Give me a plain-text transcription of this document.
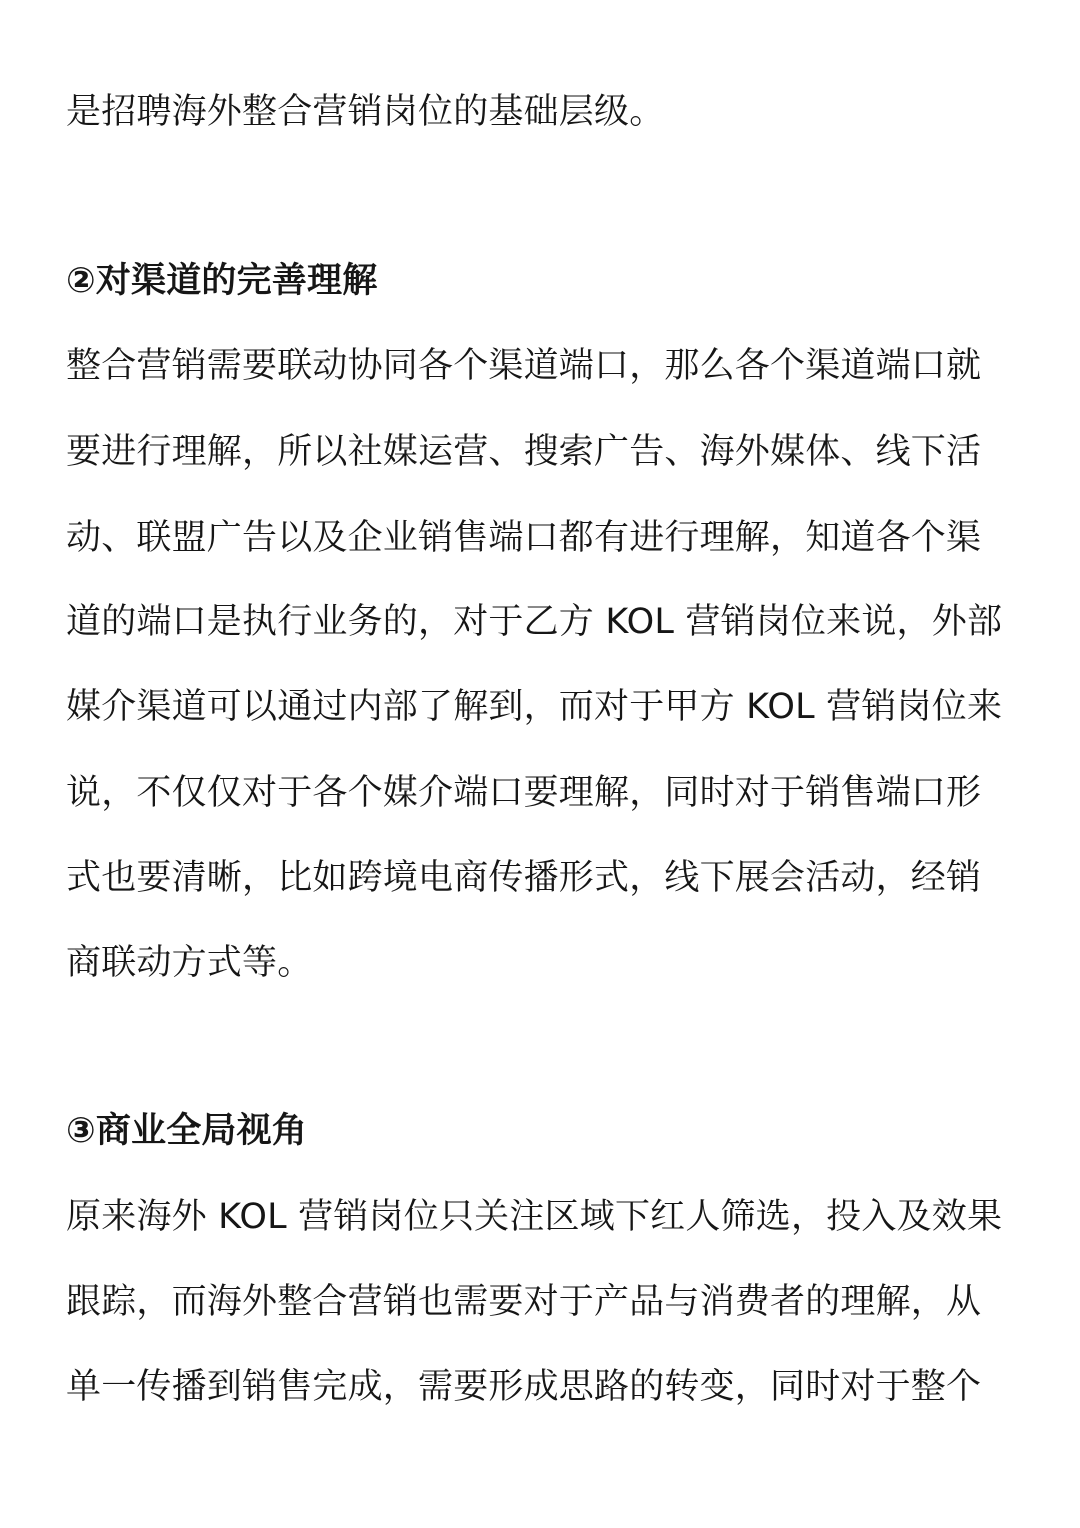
是招聘海外整合营销岗位的基础层级。
②对渠道的完善理解
整合营销需要联动协同各个渠道端口，那么各个渠道端口就
要进行理解，所以社媒运营、搜索广告、海外媒体、线下活
动、联盟广告以及企业销售端口都有进行理解，知道各个渠
道的端口是执行业务的，对于乙方 KOL 营销岗位来说，外部
媒介渠道可以通过内部了解到，而对于甲方 KOL 营销岗位来
说，不仅仅对于各个媒介端口要理解，同时对于销售端口形
式也要清晰，比如跨境电商传播形式，线下展会活动，经销
商联动方式等。
③商业全局视角
原来海外 KOL 营销岗位只关注区域下红人筛选，投入及效果
跟踪，而海外整合营销也需要对于产品与消费者的理解，从
单一传播到销售完成，需要形成思路的转变，同时对于整个
